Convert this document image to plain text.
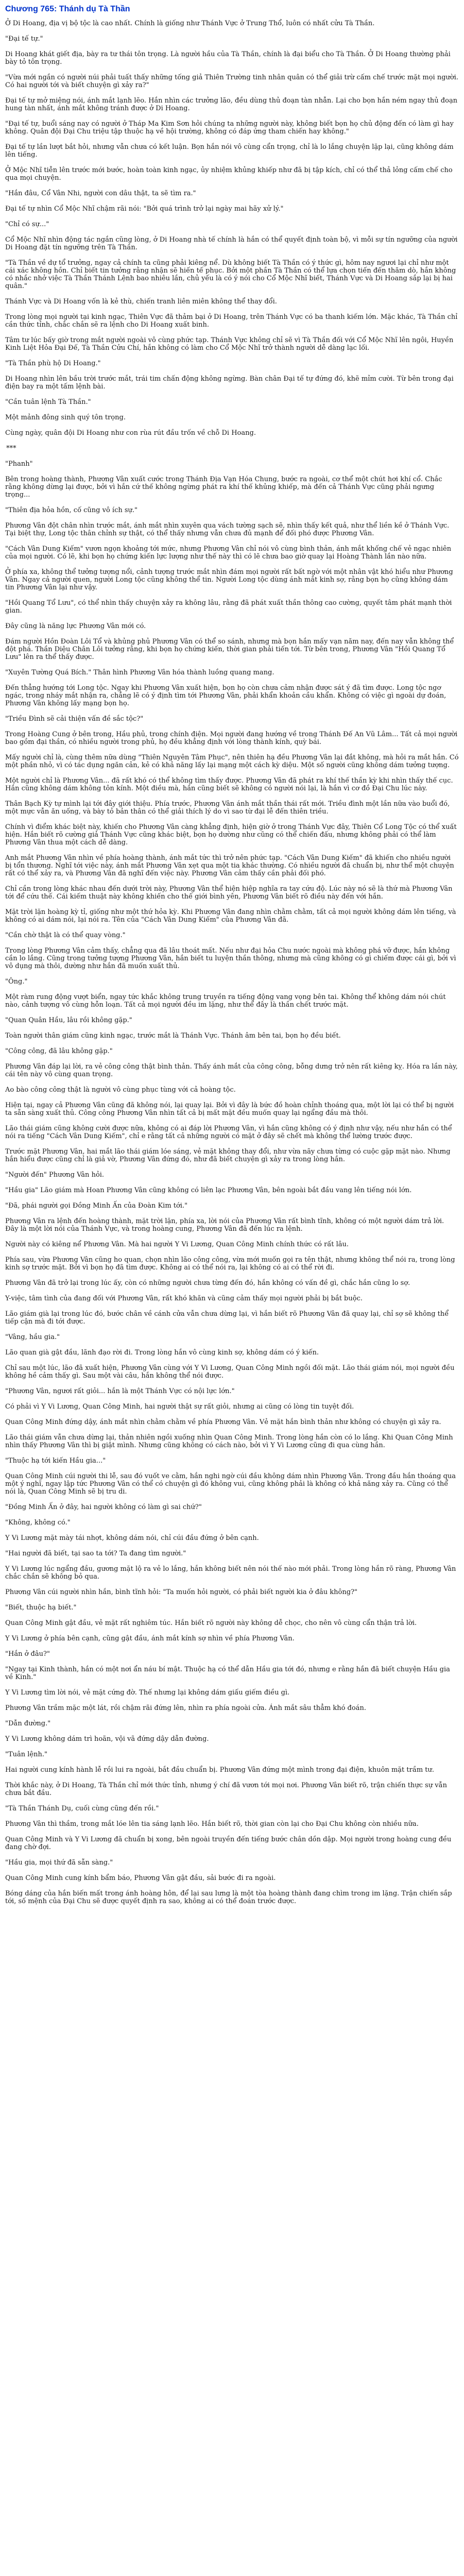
Chương 765: Thánh dụ Tà Thần

Ở Di Hoang, địa vị bộ tộc là cao nhất. Chính là giống như Thánh Vực ở Trung Thổ, luôn có nhất cửu Tà Thần.

"Đại tế tự."

Di Hoang khát giết địa, bày ra tư thái tôn trọng. Là người hầu của Tà Thần, chính là đại biểu cho Tà Thần. Ở Di Hoang thường phải bày tỏ tôn trọng.

"Vừa mới ngắn có người núi phải tuất thấy những tống giả Thiên Trường tinh nhân quân có thể giải trừ cấm chế trước mặt mọi người. Có hai người tới và biết chuyện gì xảy ra?"

Đại tế tự mở miệng nói, ánh mắt lạnh lẽo. Hắn nhìn các trưởng lão, đều dùng thủ đoạn tàn nhẫn. Lại cho bọn hắn ném ngay thủ đoạn hung tàn nhất, ánh mắt không tránh được ở Di Hoang.

"Đại tế tự, buổi sáng nay có người ở Tháp Ma Kim Sơn hỏi chúng ta những người này, không biết bọn họ chủ động đến có làm gì hay không. Quân đội Đại Chu triệu tập thuộc hạ về hội trường, không có đáp ứng tham chiến hay không."

Đại tế tự lần lượt bắt hỏi, nhưng vẫn chưa có kết luận. Bọn hắn nói vô cùng cẩn trọng, chỉ là lo lắng chuyện lặp lại, cũng không dám lên tiếng.

Ở Mộc Nhĩ tiễn lên trước mới bước, hoàn toàn kinh ngạc, ủy nhiệm khủng khiếp như đã bị tập kích, chỉ có thể thả lỏng cấm chế cho qua mọi chuyện.

"Hắn đâu, Cổ Vân Nhi, người con dâu thật, ta sẽ tìm ra."

Đại tế tự nhìn Cổ Mộc Nhĩ chậm rãi nói: "Bởi quá trình trở lại ngày mai hãy xử lý."

"Chỉ có sự..."

Cổ Mộc Nhĩ nhìn động tác ngắn cũng lòng, ở Di Hoang nhà tế chính là hắn có thể quyết định toàn bộ, vì mỗi sự tín ngưỡng của người Di Hoang đặt tín ngưỡng trên Tà Thần.

"Tà Thần về dự tổ trưởng, ngay cả chính ta cũng phải kiêng nể. Dù không biết Tà Thần có ý thức gì, hôm nay ngươi lại chỉ như một cái xác không hồn. Chỉ biết tin tưởng rằng nhận sẽ hiến tế phục. Bởi một phần Tà Thần có thể lựa chọn tiến đến thăm dò, hắn không có nhắc nhở việc Tà Thần Thánh Lệnh bao nhiêu lần, chủ yếu là có ý nói cho Cổ Mộc Nhĩ biết, Thánh Vực và Di Hoang sắp lại bị hai quân."

Thánh Vực và Di Hoang vốn là kẻ thù, chiến tranh liên miên không thể thay đổi.

Trong lòng mọi người tại kinh ngạc, Thiên Vực đã thảm bại ở Di Hoang, trên Thánh Vực có ba thanh kiếm lớn. Mặc khác, Tà Thần chỉ cần thức tỉnh, chắc chắn sẽ ra lệnh cho Di Hoang xuất binh.

Tâm tư lúc bấy giờ trong mắt người ngoài vô cùng phức tạp. Thánh Vực không chỉ sẽ vì Tà Thần đối với Cổ Mộc Nhĩ lên ngôi, Huyền Kinh Liệt Hỏa Đại Đế, Tà Thần Cửu Chí, hắn không có làm cho Cổ Mộc Nhĩ trở thành người dễ dàng lạc lối.

"Tà Thần phù hộ Di Hoang."

Di Hoang nhìn lên bầu trời trước mắt, trái tim chấn động không ngừng. Bàn chân Đại tế tự đứng đó, khẽ mỉm cười. Từ bên trong đại điện bay ra một tấm lệnh bài.

"Cần tuân lệnh Tà Thần."

Một mảnh đông sinh quý tôn trọng.

Cùng ngày, quân đội Di Hoang như con rùa rút đầu trốn về chỗ Di Hoang.

***

"Phanh"

Bên trong hoàng thành, Phương Vân xuất cước trong Thánh Địa Vạn Hóa Chung, bước ra ngoài, cơ thể một chút hơi khí cổ. Chắc rằng không dừng lại được, bởi vì hắn cứ thế không ngừng phát ra khí thế khủng khiếp, mà đến cả Thánh Vực cũng phải ngưng trọng...

"Thiên địa hỏa hồn, cố cũng vô ích sự."

Phương Vân đột chân nhìn trước mắt, ánh mắt nhìn xuyên qua vách tường sạch sẽ, nhìn thấy kết quả, như thể liền kề ở Thánh Vực. Tại biệt thự, Long tộc thân chỉnh sự thật, có thể thấy nhưng vẫn chưa đủ mạnh để đối phó được Phương Vân.

"Cách Vân Dung Kiếm" vươn ngọn khoảng tới mức, nhưng Phương Vân chỉ nói vô cùng bình thản, ánh mắt khống chế vẻ ngạc nhiên của mọi người. Có lẽ, khi bọn họ chứng kiến lực lượng như thế này thì có lẽ chưa bao giờ quay lại Hoàng Thành lần nào nữa.

Ở phía xa, không thể tưởng tượng nổi, cảnh tượng trước mắt nhìn đám mọi người rất bất ngờ với một nhân vật khó hiểu như Phương Vân. Ngay cả người quen, người Long tộc cũng không thể tin. Người Long tộc dùng ánh mắt kinh sợ, rằng bọn họ cũng không dám tin Phương Vân lại như vậy.

"Hồi Quang Tổ Lưu", có thể nhìn thấy chuyện xảy ra không lâu, rằng đã phát xuất thần thông cao cường, quyết tâm phát mạnh thời gian.

Đây cũng là năng lực Phương Vân mới có.

Đám người Hồn Đoàn Lôi Tổ và khủng phủ Phương Vân có thể so sánh, nhưng mà bọn hắn mấy vạn năm nay, đến nay vẫn không thể đột phá. Thần Diệu Chân Lôi tưởng rằng, khi bọn họ chứng kiến, thời gian phải tiến tới. Từ bên trong, Phương Vân "Hồi Quang Tổ Lưu" lên ra thể thấy được.

"Xuyên Tường Quá Bích." Thân hình Phương Vân hóa thành luồng quang mang.

Đến thẳng hướng tới Long tộc. Ngay khi Phương Vân xuất hiện, bọn họ còn chưa cảm nhận được sát ý đã tìm được. Long tộc ngơ ngác, trong nháy mắt nhận ra, chẳng lẽ có ý định tìm tới Phương Vân, phải khẩn khoản cầu khẩn. Không có việc gì ngoài dự đoán, Phương Vân không lấy mạng bọn họ.

"Triều Đình sẽ cải thiện vấn đề sắc tộc?"

Trong Hoàng Cung ở bên trong, Hầu phủ, trong chính điện. Mọi người đang hướng về trong Thánh Đế An Vũ Lâm... Tất cả mọi người bao gồm đại thần, có nhiều người trong phủ, họ đều khẳng định với lòng thành kính, quỳ bái.

Mấy người chỉ là, cùng thêm nữa dùng "Thiên Nguyên Tâm Phục", nên thiên hạ đều Phương Vân lại đắt không, mà hỏi ra mắt hắn. Có một phần nhỏ, vì có tác dụng ngăn cản, kẻ có khả năng lấy lại mạng một cách kỳ diệu. Một số người cũng không dám tưởng tượng.

Một người chỉ là Phương Vân... đã rất khó có thể không tìm thấy được. Phương Vân đã phát ra khí thế thần kỳ khi nhìn thấy thế cục. Hắn cũng không dám không tôn kính. Một điều mà, hắn cũng biết sẽ không có người nói lại, là hắn vì cơ đồ Đại Chu lúc này.

Thân Bạch Kỳ tự mình lại tới đây giới thiệu. Phía trước, Phương Vân ánh mắt thần thái rất mới. Triều đình một lần nữa vào buổi đó, một mực vẫn ăn uống, và bày tỏ bản thân có thể giải thích lý do vì sao từ đại lễ đến thiên triều.

Chính vì điểm khác biệt này, khiến cho Phương Vân càng khẳng định, hiện giờ ở trong Thánh Vực đây, Thiên Cổ Long Tộc có thể xuất hiện. Hắn biết rõ cường giả Thánh Vực cũng khác biệt, bọn họ dường như cũng có thể chiến đấu, nhưng không phải có thể làm Phương Vân thua một cách dễ dàng.

Anh mắt Phương Vân nhìn về phía hoàng thành, ánh mắt tức thì trở nên phức tạp. "Cách Vân Dung Kiếm" đã khiến cho nhiều người bị tổn thương. Nghĩ tới việc này, ánh mắt Phương Vân xẹt qua một tia khác thường. Có nhiều người đã chuẩn bị, như thể một chuyện rất có thể xảy ra, và Phương Vân đã nghĩ đến việc này. Phương Vân cảm thấy cần phải đối phó.

Chỉ cần trong lòng khác nhau đến dưới trời này, Phương Vân thể hiện hiệp nghĩa ra tay cứu độ. Lúc này nó sẽ là thứ mà Phương Vân tới để cứu thế. Cái kiếm thuật này không khiến cho thế giới bình yên, Phương Vân biết rõ điều này đến với hắn.

Mặt trời lặn hoàng kỳ tỉ, giống như một thứ hỏa kỳ. Khi Phương Vân đang nhìn chằm chằm, tất cả mọi người không dám lên tiếng, và không có ai dám nói, lại nói ra. Tên của "Cách Vân Dung Kiếm" của Phương Vân đã.

"Cần chờ thật là có thể quay vòng."

Trong lòng Phương Vân cảm thấy, chẳng qua đã lâu thoát mất. Nếu như đại hỏa Chu nước ngoài mà không phá vỡ được, hắn không cần lo lắng. Cũng trong tưởng tượng Phương Vân, hắn biết tu luyện thần thông, nhưng mà cũng không có gì chiếm được cái gì, bởi vì vô dụng mà thôi, dường như hắn đã muốn xuất thủ.

"Ông."

Một ràm rung động vượt biển, ngay tức khắc không trung truyền ra tiếng động vang vọng bên tai. Không thể không dám nói chút nào, cảnh tượng vô cùng hỗn loạn. Tất cả mọi người đều im lặng, như thể đây là thần chết trước mặt.

"Quan Quân Hầu, lâu rồi không gặp."

Toàn người thân giám cũng kinh ngạc, trước mắt là Thánh Vực. Thánh âm bên tai, bọn họ đều biết.

"Công công, đã lâu không gặp."

Phương Vân đáp lại lời, ra vẻ công công thật bình thản. Thấy ánh mắt của công công, bỗng dưng trở nên rất kiêng kỵ. Hóa ra lần này, cái tên này vô cùng quan trọng.

Ao bào công công thật là người vô cùng phục tùng với cả hoàng tộc.

Hiện tại, ngay cả Phương Vân cũng đã không nói, lại quay lại. Bởi vì đây là bức đồ hoàn chỉnh thoáng qua, một lời lại có thể bị người ta sẵn sàng xuất thủ. Công công Phương Vân nhìn tất cả bị mất mặt đều muốn quay lại ngẩng đầu mà thôi.

Lão thái giám cũng không cười được nữa, không có ai đáp lời Phương Vân, vì hắn cũng không có ý định như vậy, nếu như hắn có thể nói ra tiếng "Cách Vân Dung Kiếm", chỉ e rằng tất cả những người có mặt ở đây sẽ chết mà không thể lường trước được.

Trước mặt Phương Vân, hai mắt lão thái giám lóe sáng, vẻ mặt không thay đổi, như vừa nãy chưa từng có cuộc gặp mặt nào. Nhưng hắn hiểu được cũng chỉ là giả vờ, Phương Vân đứng đó, như đã biết chuyện gì xảy ra trong lòng hắn.

"Người đến" Phương Vân hỏi.

"Hầu gia" Lão giám mà Hoan Phương Vân cũng không có liên lạc Phương Vân, bên ngoài bắt đầu vang lên tiếng nói lớn.

"Đã, phái người gọi Đồng Minh Ấn của Đoàn Kim tới."

Phương Vân ra lệnh đến hoàng thành, mặt trời lặn, phía xa, lời nói của Phương Vân rất bình tĩnh, không có một người dám trả lời. Đây là một lời nói của Thánh Vực, và trong hoàng cung, Phương Vân đã đến lúc ra lệnh.

Người này có kiêng nể Phương Vân. Mà hai người Y Vi Lương, Quan Công Minh chính thức có rất lâu.

Phía sau, vừa Phương Vân cũng ho quan, chọn nhìn lão công công, vừa mới muốn gọi ra tên thật, nhưng không thể nói ra, trong lòng kinh sợ trước mặt. Bởi vì bọn họ đã tìm được. Không ai có thể nói ra, lại không có ai có thể rời đi.

Phương Vân đã trở lại trong lúc ấy, còn có những người chưa từng đến đó, hắn không có vấn đề gì, chắc hắn cũng lo sợ.

Y-việc, tâm tình của đang đối với Phương Vân, rất khó khăn và cũng cảm thấy mọi người phải bị bắt buộc.

Lão giám già lại trong lúc đó, bước chân về cánh cửa vẫn chưa dừng lại, vì hắn biết rõ Phương Vân đã quay lại, chỉ sợ sẽ không thể tiếp cận mà đi tới được.

"Vâng, hầu gia."

Lão quan già gật đầu, lãnh đạo rời đi. Trong lòng hắn vô cùng kinh sợ, không dám có ý kiến.

Chỉ sau một lúc, lão đã xuất hiện, Phương Vân cùng với Y Vi Lương, Quan Công Minh ngồi đối mặt. Lão thái giám nói, mọi người đều không hề cảm thấy gì. Sau một vài câu, hắn không thể nói được.

"Phương Vân, ngươi rất giỏi... hắn là một Thánh Vực có nội lực lớn."

Có phải vì Y Vi Lương, Quan Công Minh, hai người thật sự rất giỏi, nhưng ai cũng có lòng tin tuyệt đối.

Quan Công Minh đứng dậy, ánh mắt nhìn chằm chằm về phía Phương Vân. Vẻ mặt hắn bình thản như không có chuyện gì xảy ra.

Lão thái giám vẫn chưa dừng lại, thản nhiên ngồi xuống nhìn Quan Công Minh. Trong lòng hắn còn có lo lắng. Khi Quan Công Minh nhìn thấy Phương Vân thì bị giật mình. Nhưng cũng không có cách nào, bởi vì Y Vi Lương cũng đi qua cùng hắn.

"Thuộc hạ tới kiến Hầu gia..."

Quan Công Minh cúi người thi lễ, sau đó vuốt ve cằm, hắn nghi ngờ cúi đầu không dám nhìn Phương Vân. Trong đầu hắn thoáng qua một ý nghĩ, ngay lập tức Phương Vân có thể có chuyện gì đó không vui, cũng không phải là không có khả năng xảy ra. Cũng có thể nói là, Quan Công Minh sẽ bị tru di.

"Đồng Minh Ấn ở đây, hai người không có làm gì sai chứ?"

"Không, không có."

Y Vi Lương mặt mày tái nhợt, không dám nói, chỉ cúi đầu đứng ở bên cạnh.

"Hai người đã biết, tại sao ta tới? Ta đang tìm người."

Y Vi Lương lúc ngẩng đầu, gương mặt lộ ra vẻ lo lắng, hắn không biết nên nói thế nào mới phải. Trong lòng hắn rõ ràng, Phương Vân chắc chắn sẽ không bỏ qua.

Phương Vân cúi người nhìn hắn, bình tĩnh hỏi: "Ta muốn hỏi người, có phải biết người kia ở đâu không?"

"Biết, thuộc hạ biết."

Quan Công Minh gật đầu, vẻ mặt rất nghiêm túc. Hắn biết rõ người này không dễ chọc, cho nên vô cùng cẩn thận trả lời.

Y Vi Lương ở phía bên cạnh, cũng gật đầu, ánh mắt kính sợ nhìn về phía Phương Vân.

"Hắn ở đâu?"

"Ngay tại Kinh thành, hắn có một nơi ẩn náu bí mật. Thuộc hạ có thể dẫn Hầu gia tới đó, nhưng e rằng hắn đã biết chuyện Hầu gia về Kinh."

Y Vi Lương tìm lời nói, vẻ mặt cứng đờ. Thế nhưng lại không dám giấu giếm điều gì.

Phương Vân trầm mặc một lát, rồi chậm rãi đứng lên, nhìn ra phía ngoài cửa. Ánh mắt sâu thẳm khó đoán.

"Dẫn đường."

Y Vi Lương không dám trì hoãn, vội vã đứng dậy dẫn đường.

"Tuân lệnh."

Hai người cung kính hành lễ rồi lui ra ngoài, bắt đầu chuẩn bị. Phương Vân đứng một mình trong đại điện, khuôn mặt trầm tư.

Thời khắc này, ở Di Hoang, Tà Thần chỉ mới thức tỉnh, nhưng ý chí đã vươn tới mọi nơi. Phương Vân biết rõ, trận chiến thực sự vẫn chưa bắt đầu.

"Tà Thần Thánh Dụ, cuối cùng cũng đến rồi."

Phương Vân thì thầm, trong mắt lóe lên tia sáng lạnh lẽo. Hắn biết rõ, thời gian còn lại cho Đại Chu không còn nhiều nữa.

Quan Công Minh và Y Vi Lương đã chuẩn bị xong, bên ngoài truyền đến tiếng bước chân dồn dập. Mọi người trong hoàng cung đều đang chờ đợi.

"Hầu gia, mọi thứ đã sẵn sàng."

Quan Công Minh cung kính bẩm báo, Phương Vân gật đầu, sải bước đi ra ngoài.

Bóng dáng của hắn biến mất trong ánh hoàng hôn, để lại sau lưng là một tòa hoàng thành đang chìm trong im lặng. Trận chiến sắp tới, số mệnh của Đại Chu sẽ được quyết định ra sao, không ai có thể đoán trước được.
